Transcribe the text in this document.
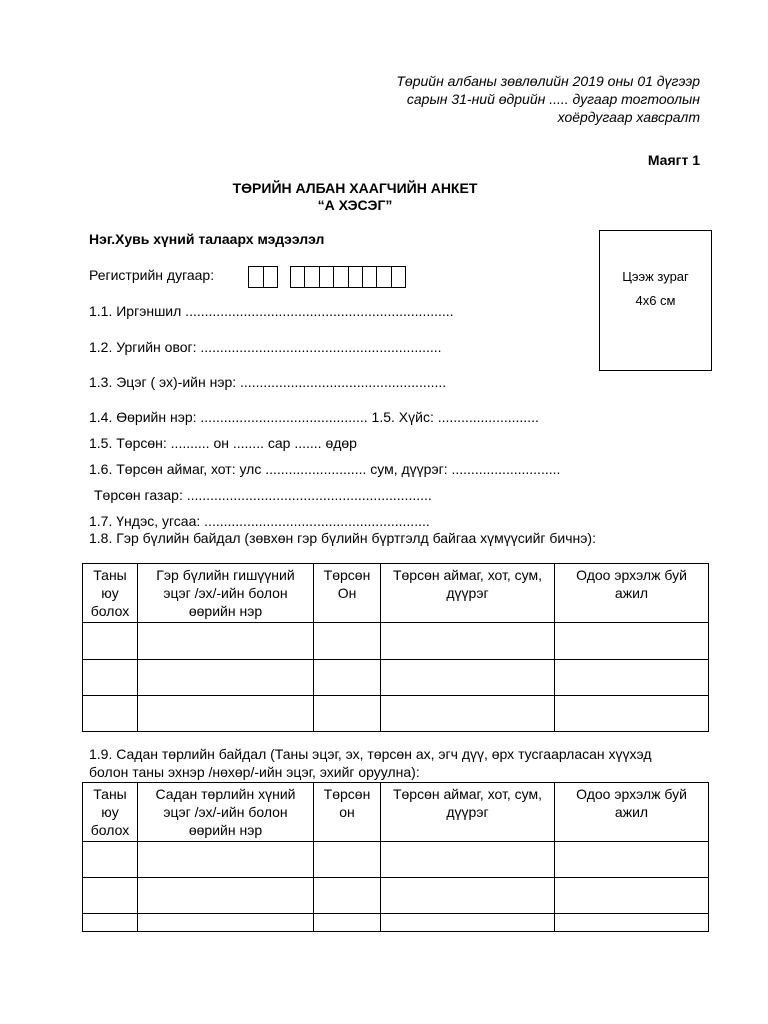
Төрийн албаны зөвлөлийн 2019 оны 01 дүгээр
сарын 31-ний өдрийн ..... дугаар тогтоолын
хоёрдугаар хавсралт
Маягт 1
ТӨРИЙН АЛБАН ХААГЧИЙН АНКЕТ
“А ХЭСЭГ”
Нэг.Хувь хүний талаарх мэдээлэл
Цээж зураг
4х6 см
Регистрийн дугаар:
1.1. Иргэншил .....................................................................
1.2. Ургийн овог: ..............................................................
1.3. Эцэг ( эх)-ийн нэр: .....................................................
1.4. Өөрийн нэр: ........................................... 1.5. Хүйс: ..........................
1.5. Төрсөн: .......... он ........ сар ....... өдөр
1.6. Төрсөн аймаг, хот: улс .......................... сум, дүүрэг: ............................
Төрсөн газар: ...............................................................
1.7. Үндэс, угсаа: ..........................................................
1.8. Гэр бүлийн байдал (зөвхөн гэр бүлийн бүртгэлд байгаа хүмүүсийг бичнэ):
Таны юу болох	Гэр бүлийн гишүүний эцэг /эх/-ийн болон өөрийн нэр	Төрсөн Он	Төрсөн аймаг, хот, сум, дүүрэг	Одоо эрхэлж буй ажил

1.9. Садан төрлийн байдал (Таны эцэг, эх, төрсөн ах, эгч дүү, өрх тусгаарласан хүүхэд
болон таны эхнэр /нөхөр/-ийн эцэг, эхийг оруулна):
Таны юу болох	Садан төрлийн хүний эцэг /эх/-ийн болон өөрийн нэр	Төрсөн он	Төрсөн аймаг, хот, сум, дүүрэг	Одоо эрхэлж буй ажил
